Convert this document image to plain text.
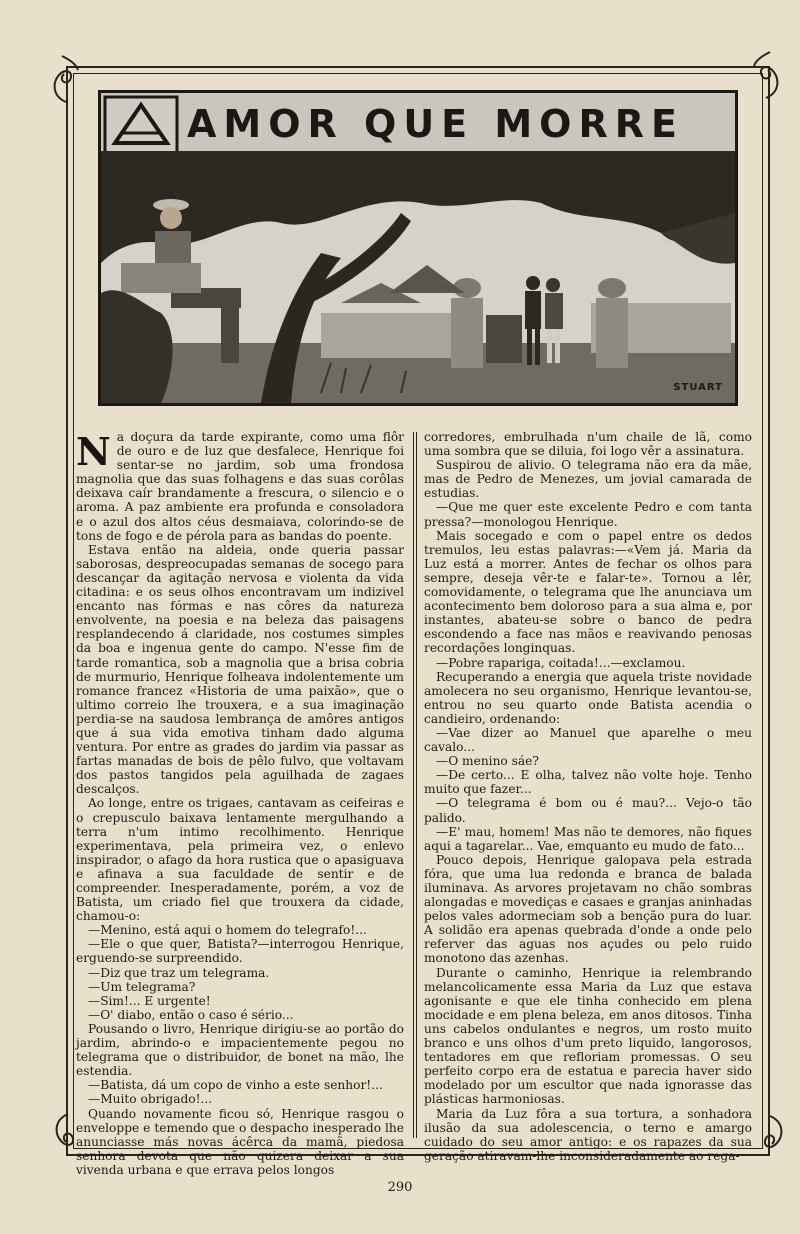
AMOR QUE MORRE
STUART

Na doçura da tarde expirante, como uma flôr de ouro e de luz que desfalece, Henrique foi sentar-se no jardim, sob uma frondosa magnolia que das suas folhagens e das suas corôlas deixava caír brandamente a frescura, o silencio e o aroma. A paz ambiente era profunda e consoladora e o azul dos altos céus desmaiava, colorindo-se de tons de fogo e de pérola para as bandas do poente.

Estava então na aldeia, onde queria passar saborosas, despreocupadas semanas de socego para descançar da agitação nervosa e violenta da vida citadina: e os seus olhos encontravam um indizivel encanto nas fórmas e nas côres da natureza envolvente, na poesia e na beleza das paisagens resplandecendo á claridade, nos costumes simples da boa e ingenua gente do campo. N'esse fim de tarde romantica, sob a magnolia que a brisa cobria de murmurio, Henrique folheava indolentemente um romance francez «Historia de uma paixão», que o ultimo correio lhe trouxera, e a sua imaginação perdia-se na saudosa lembrança de amôres antigos que á sua vida emotiva tinham dado alguma ventura. Por entre as grades do jardim via passar as fartas manadas de bois de pêlo fulvo, que voltavam dos pastos tangidos pela aguilhada de zagaes descalços.

Ao longe, entre os trigaes, cantavam as ceifeiras e o crepusculo baixava lentamente mergulhando a terra n'um intimo recolhimento. Henrique experimentava, pela primeira vez, o enlevo inspirador, o afago da hora rustica que o apasiguava e afinava a sua faculdade de sentir e de compreender. Inesperadamente, porém, a voz de Batista, um criado fiel que trouxera da cidade, chamou-o:

—Menino, está aqui o homem do telegrafo!...

—Ele o que quer, Batista?—interrogou Henrique, erguendo-se surpreendido.

—Diz que traz um telegrama.

—Um telegrama?

—Sim!... E urgente!

—O' diabo, então o caso é sério...

Pousando o livro, Henrique dirigiu-se ao portão do jardim, abrindo-o e impacientemente pegou no telegrama que o distribuidor, de bonet na mão, lhe estendia.

—Batista, dá um copo de vinho a este senhor!...

—Muito obrigado!...

Quando novamente ficou só, Henrique rasgou o enveloppe e temendo que o despacho inesperado lhe anunciasse más novas ácêrca da mamã, piedosa senhora devota que não quizera deixar a sua vivenda urbana e que errava pelos longos

corredores, embrulhada n'um chaile de lã, como uma sombra que se diluia, foi logo vêr a assinatura.

Suspirou de alivio. O telegrama não era da mãe, mas de Pedro de Menezes, um jovial camarada de estudias.

—Que me quer este excelente Pedro e com tanta pressa?—monologou Henrique.

Mais socegado e com o papel entre os dedos tremulos, leu estas palavras:—«Vem já. Maria da Luz está a morrer. Antes de fechar os olhos para sempre, deseja vêr-te e falar-te». Tornou a lêr, comovidamente, o telegrama que lhe anunciava um acontecimento bem doloroso para a sua alma e, por instantes, abateu-se sobre o banco de pedra escondendo a face nas mãos e reavivando penosas recordações longinquas.

—Pobre rapariga, coitada!...—exclamou.

Recuperando a energia que aquela triste novidade amolecera no seu organismo, Henrique levantou-se, entrou no seu quarto onde Batista acendia o candieiro, ordenando:

—Vae dizer ao Manuel que aparelhe o meu cavalo...

—O menino sáe?

—De certo... E olha, talvez não volte hoje. Tenho muito que fazer...

—O telegrama é bom ou é mau?... Vejo-o tão palido.

—E' mau, homem! Mas não te demores, não fiques aqui a tagarelar... Vae, emquanto eu mudo de fato...

Pouco depois, Henrique galopava pela estrada fóra, que uma lua redonda e branca de balada iluminava. As arvores projetavam no chão sombras alongadas e movediças e casaes e granjas aninhadas pelos vales adormeciam sob a benção pura do luar. A solidão era apenas quebrada d'onde a onde pelo referver das aguas nos açudes ou pelo ruido monotono das azenhas.

Durante o caminho, Henrique ia relembrando melancolicamente essa Maria da Luz que estava agonisante e que ele tinha conhecido em plena mocidade e em plena beleza, em anos ditosos. Tinha uns cabelos ondulantes e negros, um rosto muito branco e uns olhos d'um preto liquido, langorosos, tentadores em que refloriam promessas. O seu perfeito corpo era de estatua e parecia haver sido modelado por um escultor que nada ignorasse das plásticas harmoniosas.

Maria da Luz fôra a sua tortura, a sonhadora ilusão da sua adolescencia, o terno e amargo cuidado do seu amor antigo: e os rapazes da sua geração atiravam-lhe inconsideradamente ao rega-

290
